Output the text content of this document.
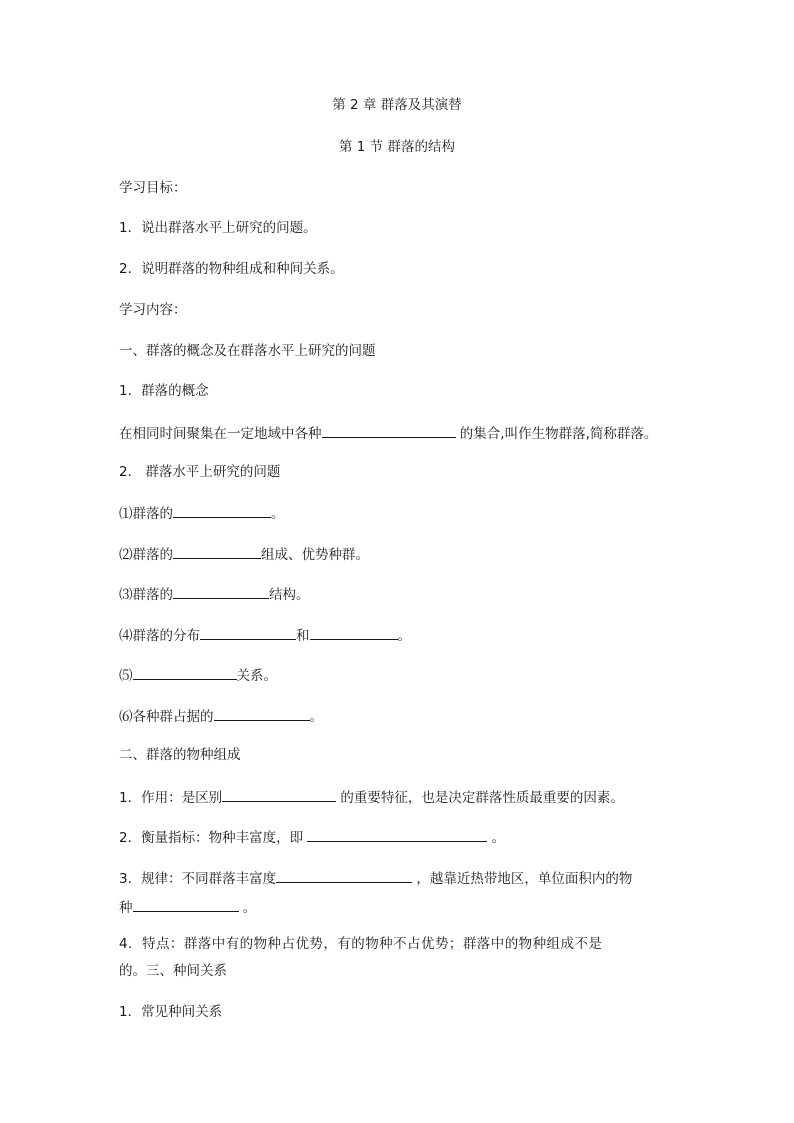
第 2 章 群落及其演替
第 1 节 群落的结构
学习目标：
1．说出群落水平上研究的问题。
2．说明群落的物种组成和种间关系。
学习内容：
一、群落的概念及在群落水平上研究的问题
1．群落的概念
在相同时间聚集在一定地域中各种	的集合,叫作生物群落,简称群落。
2． 群落水平上研究的问题
⑴群落的	。
⑵群落的	组成、优势种群。
⑶群落的	结构。
⑷群落的分布	和	。
⑸	关系。
⑹各种群占据的	。
二、群落的物种组成
1．作用：是区别	的重要特征，也是决定群落性质最重要的因素。
2．衡量指标：物种丰富度，即	。
3．规律：不同群落丰富度	，越靠近热带地区，单位面积内的物
种	。
4．特点：群落中有的物种占优势，有的物种不占优势；群落中的物种组成不是
的。三、种间关系
1．常见种间关系
